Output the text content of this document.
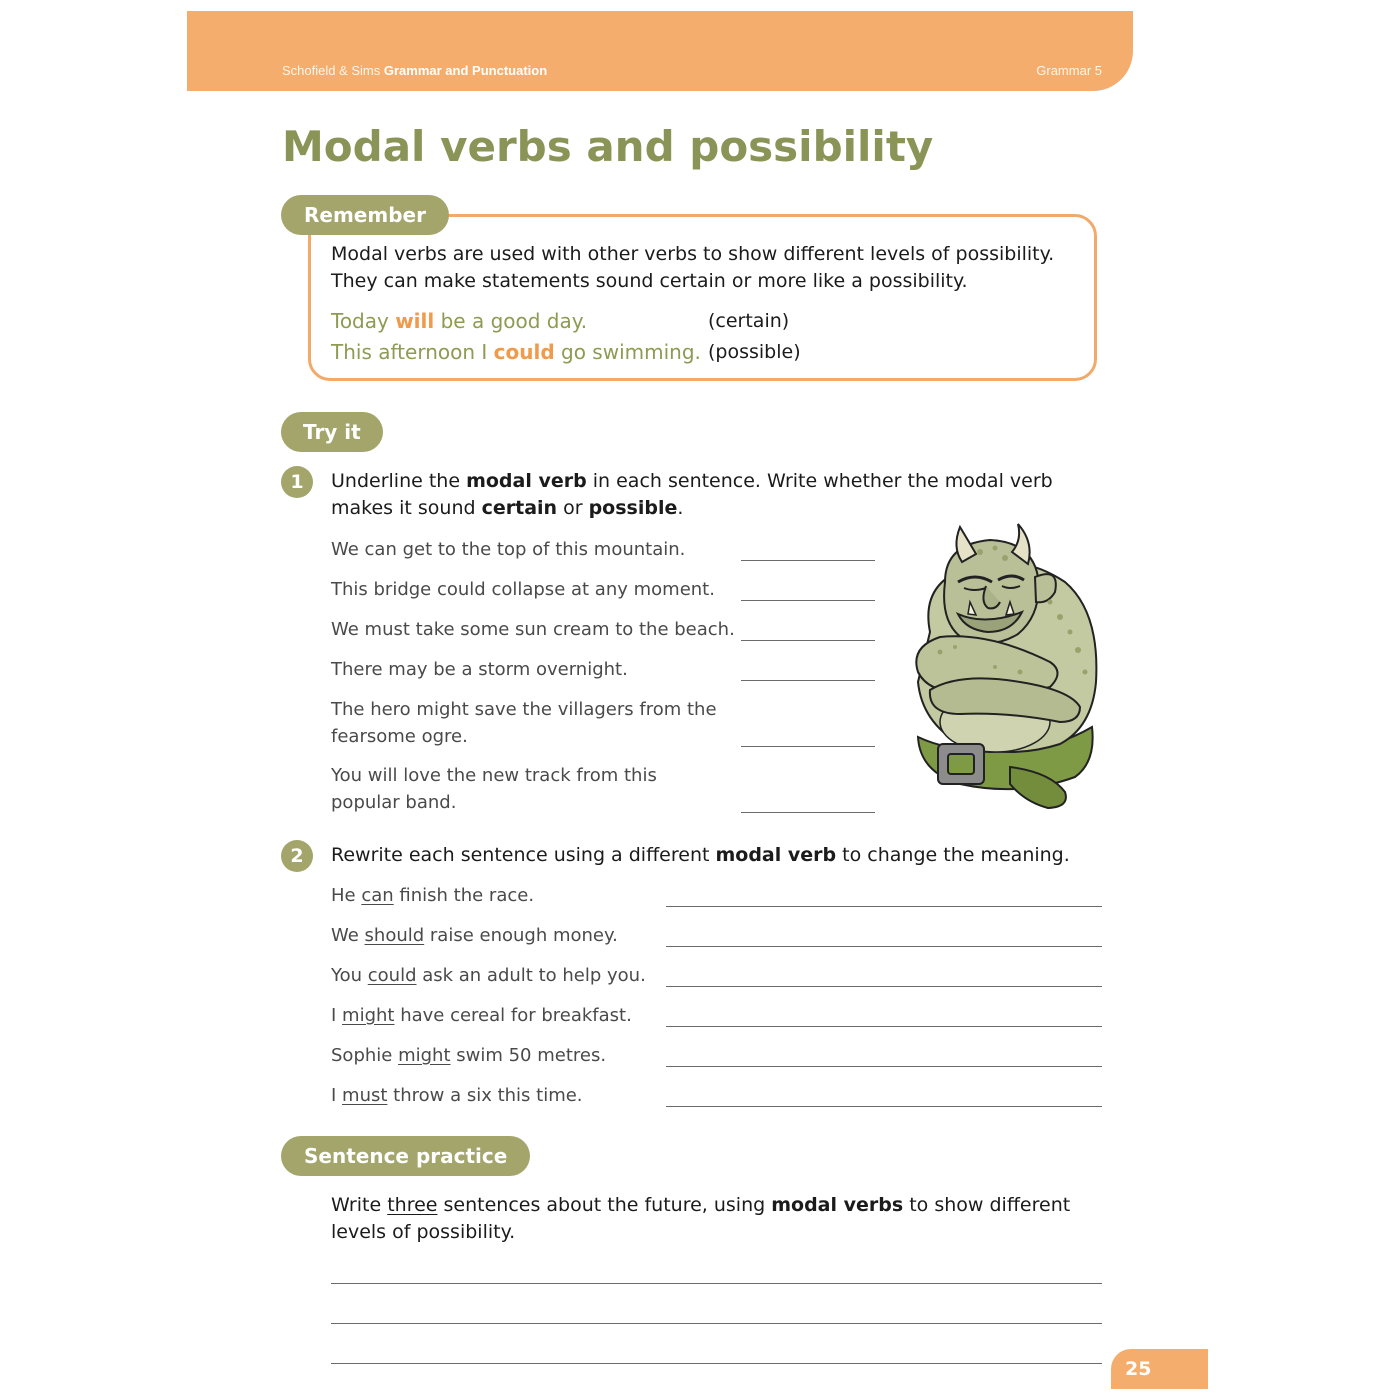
Schofield & Sims Grammar and Punctuation	Grammar 5
Modal verbs and possibility
Remember
Modal verbs are used with other verbs to show different levels of possibility.
They can make statements sound certain or more like a possibility.
Today will be a good day.	(certain)
This afternoon I could go swimming. (possible)
Try it
1	Underline the modal verb in each sentence. Write whether the modal verb
makes it sound certain or possible.
We can get to the top of this mountain.
This bridge could collapse at any moment.
We must take some sun cream to the beach.
There may be a storm overnight.
The hero might save the villagers from the
fearsome ogre.
You will love the new track from this
popular band.
2	Rewrite each sentence using a different modal verb to change the meaning.
He can finish the race.
We should raise enough money.
You could ask an adult to help you.
I might have cereal for breakfast.
Sophie might swim 50 metres.
I must throw a six this time.
Sentence practice
Write three sentences about the future, using modal verbs to show different
levels of possibility.
25
